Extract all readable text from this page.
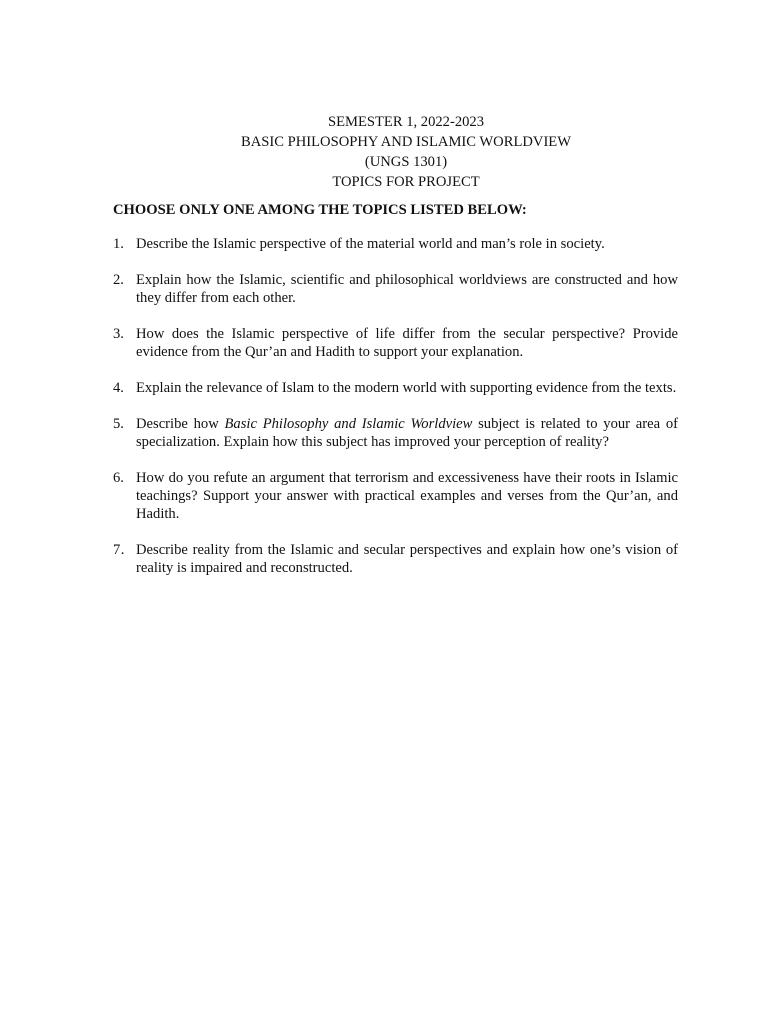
SEMESTER 1, 2022-2023
BASIC PHILOSOPHY AND ISLAMIC WORLDVIEW
(UNGS 1301)
TOPICS FOR PROJECT
CHOOSE ONLY ONE AMONG THE TOPICS LISTED BELOW:
1. Describe the Islamic perspective of the material world and man’s role in society.
2. Explain how the Islamic, scientific and philosophical worldviews are constructed and how they differ from each other.
3. How does the Islamic perspective of life differ from the secular perspective? Provide evidence from the Qur’an and Hadith to support your explanation.
4. Explain the relevance of Islam to the modern world with supporting evidence from the texts.
5. Describe how Basic Philosophy and Islamic Worldview subject is related to your area of specialization. Explain how this subject has improved your perception of reality?
6. How do you refute an argument that terrorism and excessiveness have their roots in Islamic teachings? Support your answer with practical examples and verses from the Qur’an, and Hadith.
7. Describe reality from the Islamic and secular perspectives and explain how one’s vision of reality is impaired and reconstructed.
